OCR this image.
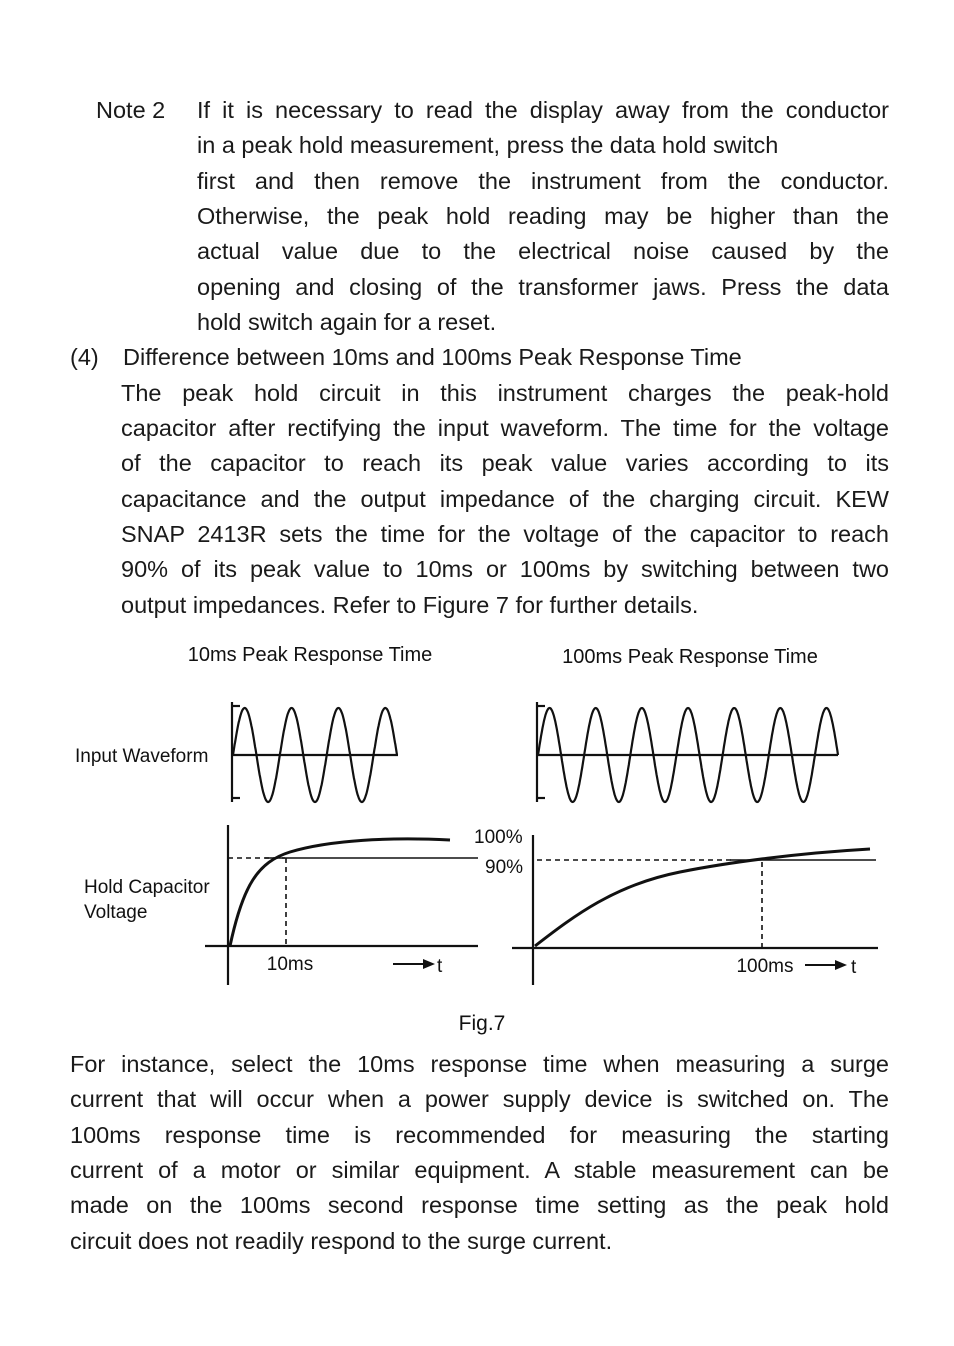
Note 2 If it is necessary to read the display away from the conductor
in a peak hold measurement, press the data hold switch
first and then remove the instrument from the conductor.
Otherwise, the peak hold reading may be higher than the
actual value due to the electrical noise caused by the
opening and closing of the transformer jaws. Press the data
hold switch again for a reset.
(4) Difference between 10ms and 100ms Peak Response Time
The peak hold circuit in this instrument charges the peak-hold
capacitor after rectifying the input waveform. The time for the voltage
of the capacitor to reach its peak value varies according to its
capacitance and the output impedance of the charging circuit. KEW
SNAP 2413R sets the time for the voltage of the capacitor to reach
90% of its peak value to 10ms or 100ms by switching between two
output impedances. Refer to Figure 7 for further details.
10ms Peak Response Time	100ms Peak Response Time
Input Waveform
Hold Capacitor
Voltage
10ms	t
100%
90%
100ms	t
Fig.7
For instance, select the 10ms response time when measuring a surge
current that will occur when a power supply device is switched on. The
100ms response time is recommended for measuring the starting
current of a motor or similar equipment. A stable measurement can be
made on the 100ms second response time setting as the peak hold
circuit does not readily respond to the surge current.
